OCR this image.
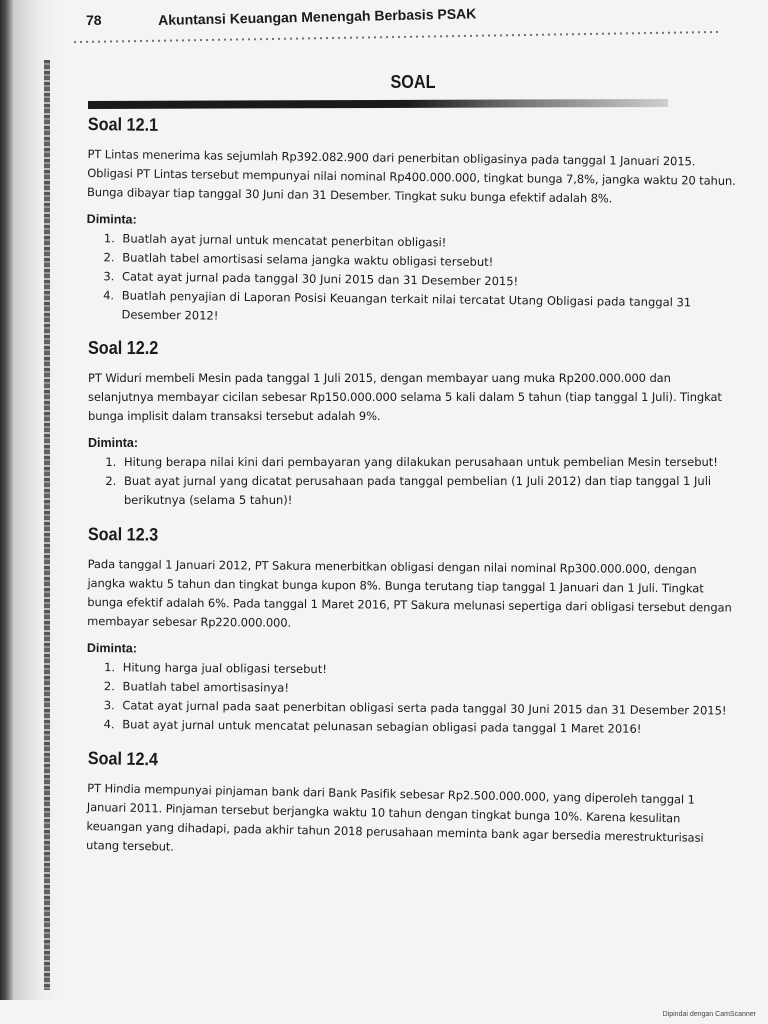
78	Akuntansi Keuangan Menengah Berbasis PSAK
SOAL
Soal 12.1

PT Lintas menerima kas sejumlah Rp392.082.900 dari penerbitan obligasinya pada tanggal 1 Januari 2015. Obligasi PT Lintas tersebut mempunyai nilai nominal Rp400.000.000, tingkat bunga 7,8%, jangka waktu 20 tahun. Bunga dibayar tiap tanggal 30 Juni dan 31 Desember. Tingkat suku bunga efektif adalah 8%.

Diminta:
1. Buatlah ayat jurnal untuk mencatat penerbitan obligasi!
2. Buatlah tabel amortisasi selama jangka waktu obligasi tersebut!
3. Catat ayat jurnal pada tanggal 30 Juni 2015 dan 31 Desember 2015!
4. Buatlah penyajian di Laporan Posisi Keuangan terkait nilai tercatat Utang Obligasi pada tanggal 31 Desember 2012!
Soal 12.2

PT Widuri membeli Mesin pada tanggal 1 Juli 2015, dengan membayar uang muka Rp200.000.000 dan selanjutnya membayar cicilan sebesar Rp150.000.000 selama 5 kali dalam 5 tahun (tiap tanggal 1 Juli). Tingkat bunga implisit dalam transaksi tersebut adalah 9%.

Diminta:
1. Hitung berapa nilai kini dari pembayaran yang dilakukan perusahaan untuk pembelian Mesin tersebut!
2. Buat ayat jurnal yang dicatat perusahaan pada tanggal pembelian (1 Juli 2012) dan tiap tanggal 1 Juli berikutnya (selama 5 tahun)!
Soal 12.3

Pada tanggal 1 Januari 2012, PT Sakura menerbitkan obligasi dengan nilai nominal Rp300.000.000, dengan jangka waktu 5 tahun dan tingkat bunga kupon 8%. Bunga terutang tiap tanggal 1 Januari dan 1 Juli. Tingkat bunga efektif adalah 6%. Pada tanggal 1 Maret 2016, PT Sakura melunasi sepertiga dari obligasi tersebut dengan membayar sebesar Rp220.000.000.

Diminta:
1. Hitung harga jual obligasi tersebut!
2. Buatlah tabel amortisasinya!
3. Catat ayat jurnal pada saat penerbitan obligasi serta pada tanggal 30 Juni 2015 dan 31 Desember 2015!
4. Buat ayat jurnal untuk mencatat pelunasan sebagian obligasi pada tanggal 1 Maret 2016!
Soal 12.4

PT Hindia mempunyai pinjaman bank dari Bank Pasifik sebesar Rp2.500.000.000, yang diperoleh tanggal 1 Januari 2011. Pinjaman tersebut berjangka waktu 10 tahun dengan tingkat bunga 10%. Karena kesulitan keuangan yang dihadapi, pada akhir tahun 2018 perusahaan meminta bank agar bersedia merestrukturisasi utang tersebut.

Dipindai dengan CamScanner
